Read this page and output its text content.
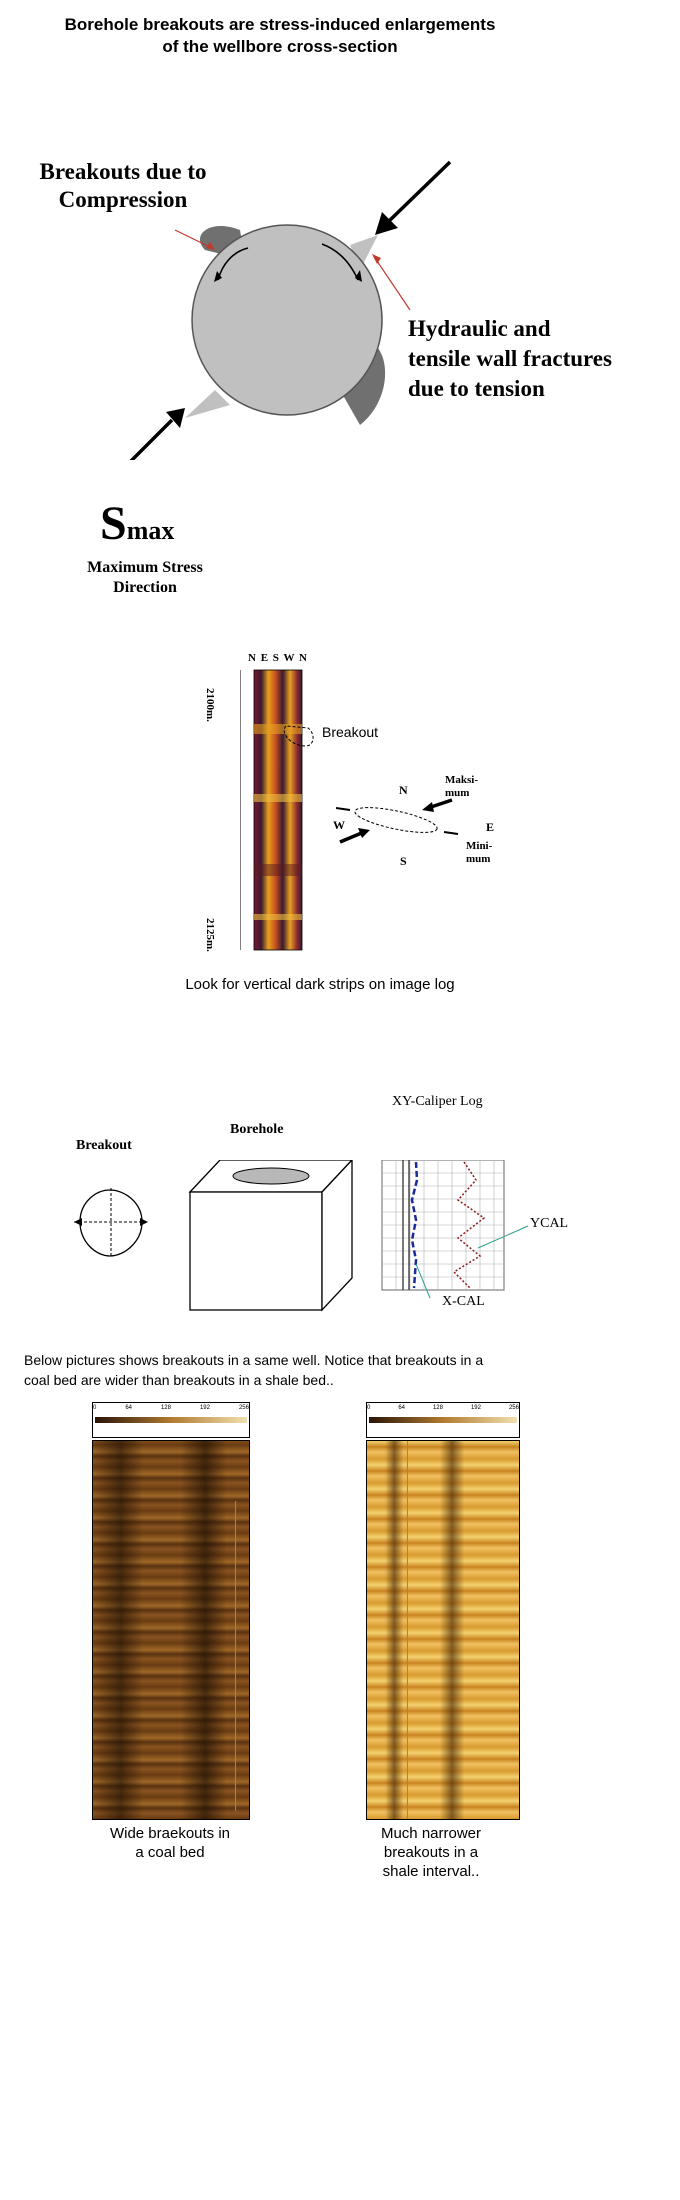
Borehole breakouts are stress-induced enlargements
of the wellbore cross-section
Breakouts due to
Compression
Hydraulic and
tensile wall fractures
due to tension
Smax
Maximum Stress
Direction
N E S W N
2100m.
2125m.
Breakout
N
S
E
W
Maksi-
mum
Mini-
mum
Look for vertical dark strips on image log
XY-Caliper Log
Borehole
Breakout
YCAL
X-CAL
Below pictures shows breakouts in a same well. Notice that breakouts in a
coal bed are wider than breakouts in a shale bed..
0	64	128	192	256	0	64	128	192	256
Wide braekouts in
a coal bed
Much narrower
breakouts in a
shale interval..
